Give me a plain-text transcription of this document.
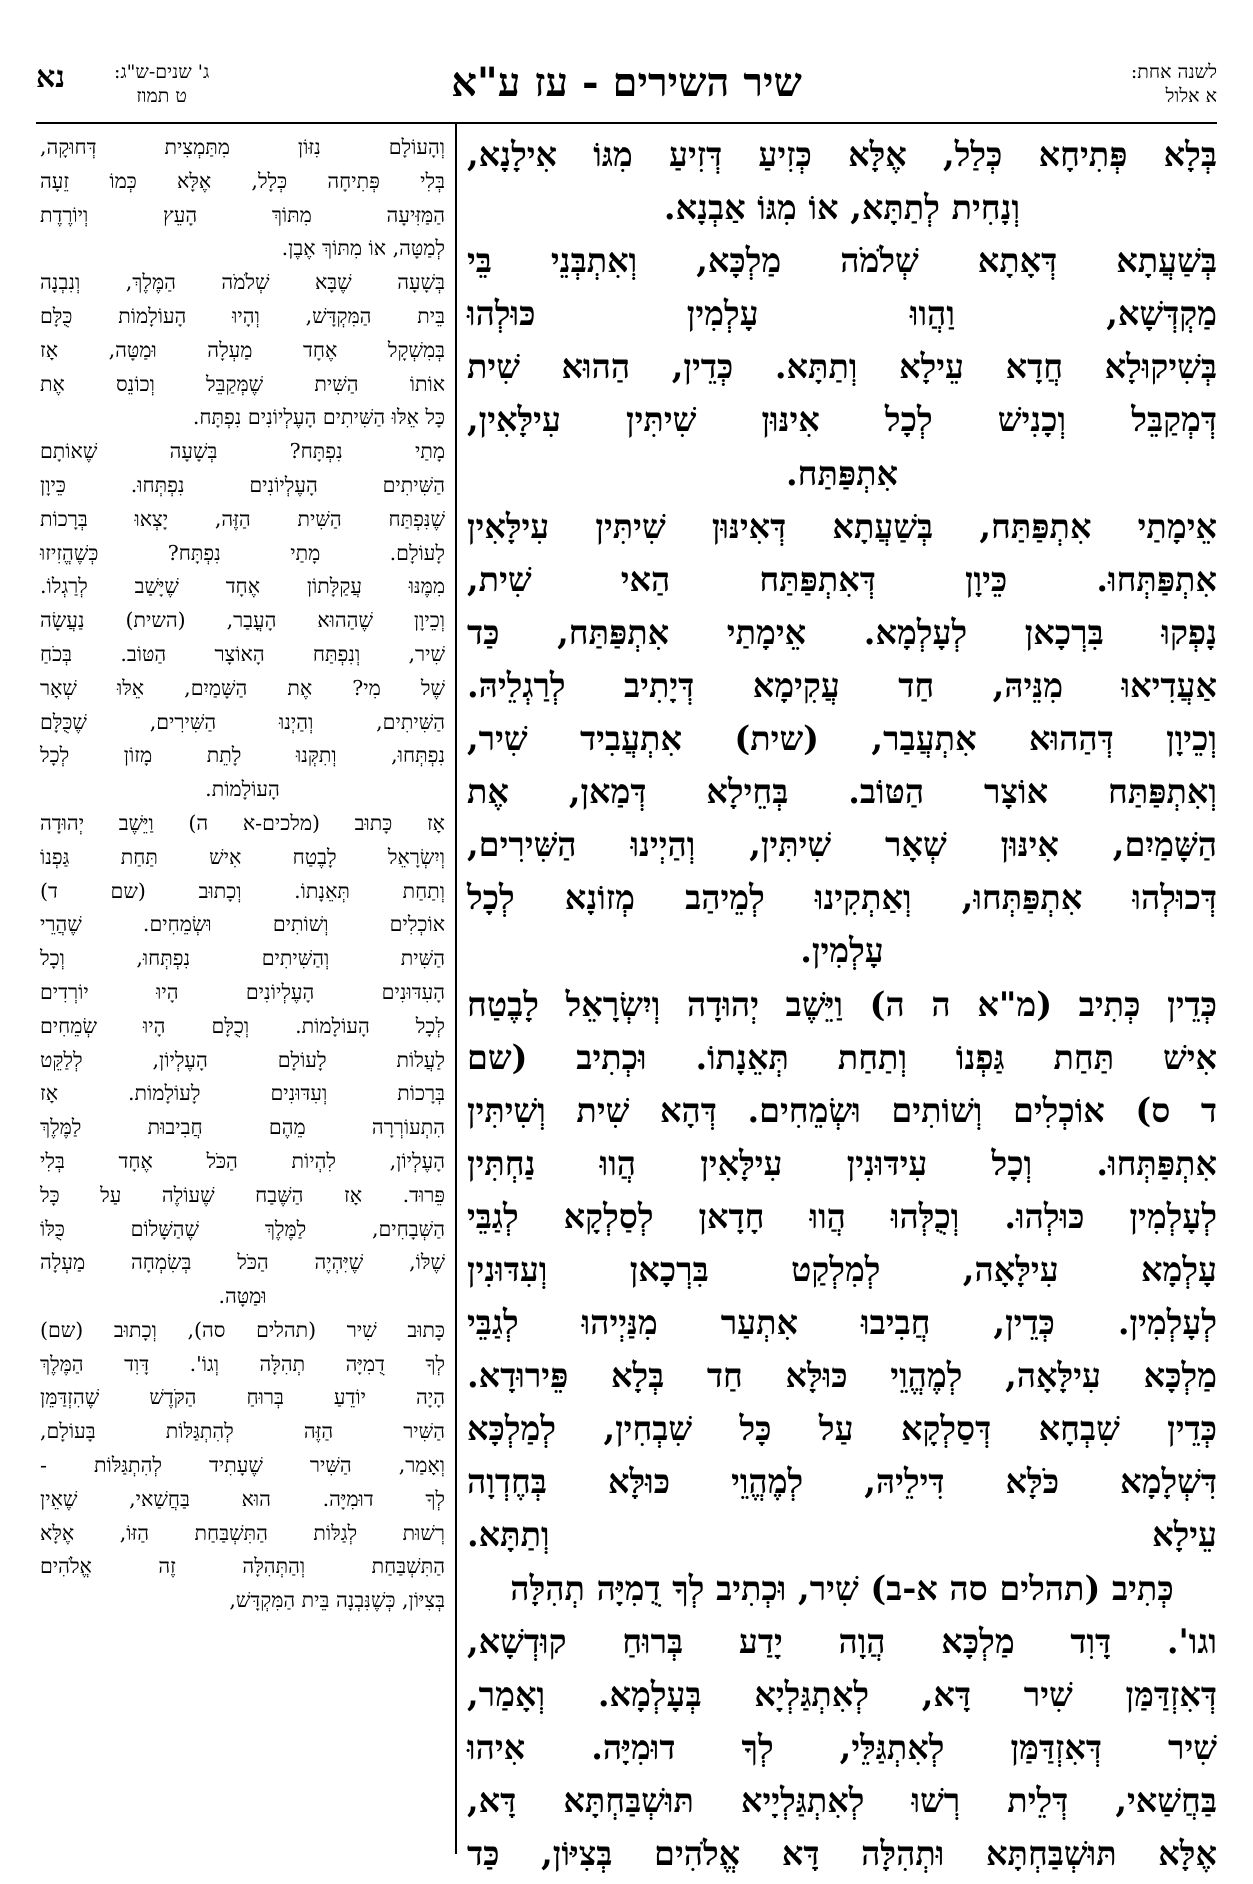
לשנה אחת:
א אלול
שיר השירים - עז ע"א
ג' שנים-ש"ג:
ט תמוז
נא
בְּלָא פְּתִיחָא כְּלַל, אֶלָּא כְּזִיעַ דְּזִיעַ מִגּוֹ אִילָנָא,
וְנָחִית לְתַתָּא, אוֹ מִגּוֹ אַבְנָא.
בְּשַׁעֲתָא דְּאָתָא שְׁלֹמֹה מַלְכָּא, וְאִתְבְּנֵי בֵּי
מַקְדְּשָׁא, וַהֲווּ עָלְמִין כּוּלְהוּ
בְּשִׁיקוּלָא חֲדָא עֵילָא וְתַתָּא. כְּדֵין, הַהוּא שִׁית
דְּמְקַבֵּל וְכָנִישׁ לְכָל אִינּוּן שִׁיתִּין עִילָּאִין,
אִתְפַּתַּח.
אֵימָתַי אִתְפַּתַּח, בְּשַׁעֲתָא דְּאִינּוּן שִׁיתִּין עִילָּאִין
אִתְפַּתְּחוּ. כֵּיוָן דְּאִתְפַּתַּח הַאי שִׁית,
נָפְקוּ בִּרְכָאן לְעָלְמָא. אֵימָתַי אִתְפַּתַּח, כַּד
אַעֲדִיאוּ מִנֵּיהּ, חַד עֲקִימָא דְּיָתִיב לְרַגְלֵיהּ.
וְכֵיוָן דְּהַהוּא אִתְעֲבַר, (שית) אִתְעֲבִיד שִׁיר,
וְאִתְפַּתַּח אוֹצָר הַטּוֹב. בְּחֵילָא דְּמַאן, אֶת
הַשָּׁמַיִם, אִינּוּן שְׁאָר שִׁיתִּין, וְהַיְינוּ הַשִּׁירִים,
דְּכוּלְהוּ אִתְפַּתְּחוּ, וְאַתְקִינוּ לְמֵיהַב מְזוֹנָא לְכָל
עָלְמִין.
כְּדֵין כְּתִיב (מ"א ה ה) וַיֵּשֶׁב יְהוּדָה וְיִשְׂרָאֵל לָבֶטַח
אִישׁ תַּחַת גַּפְנוֹ וְתַחַת תְּאֵנָתוֹ. וּכְתִיב (שם
ד ס) אוֹכְלִים וְשׁוֹתִים וּשְׂמֵחִים. דְּהָא שִׁית וְשִׁיתִּין
אִתְפַּתְּחוּ. וְכָל עִידּוּנִין עִילָּאִין הֲווּ נַחְתִּין
לְעָלְמִין כּוּלְהוּ. וְכֻלְּהוּ הֲווּ חָדָאן לְסַלְקָא לְגַבֵּי
עָלְמָא עִילָּאָה, לְמִלְקַט בִּרְכָאן וְעִדּוּנִין
לְעָלְמִין. כְּדֵין, חֲבִיבוּ אִתְעַר מִנַּיְיהוּ לְגַבֵּי
מַלְכָּא עִילָּאָה, לְמֶהֱוֵי כּוּלָּא חַד בְּלָא פֵּירוּדָא.
כְּדֵין שִׁבְחָא דְּסַלְקָא עַל כָּל שִׁבְחִין, לְמַלְכָּא
דִּשְׁלָמָא כֹּלָּא דִּילֵיהּ, לְמֶהֱוֵי כּוּלָּא בְּחֶדְוָה
עֵילָא וְתַתָּא.
כְּתִיב (תהלים סה א-ב) שִׁיר, וּכְתִיב לְךָ דֻמִיָּה תְהִלָּה
וגו'. דָּוִד מַלְכָּא הֲוָה יָדַע בְּרוּחַ קוּדְשָׁא,
דְּאִזְדַּמַּן שִׁיר דָּא, לְאִתְגַּלְיָא בְּעָלְמָא. וְאָמַר,
שִׁיר דְּאִזְדַּמַּן לְאִתְגַּלֵּי, לְךָ דוּמִיָּה. אִיהוּ
בַּחֲשַׁאי, דְּלֵית רְשׁוּ לְאִתְגַּלְיָיא תּוּשְׁבַּחְתָּא דָּא,
אֶלָּא תּוּשְׁבַּחְתָּא וּתְהִלָּה דָּא אֱלֹהִים בְּצִיּוֹן, כַּד
וְהָעוֹלָם נִזּוֹן מִתַּמְצִית דְּחוּקָה,
בְּלִי פְּתִיחָה כְּלָל, אֶלָּא כְּמוֹ זֵעָה
הַמַּזִּיעָה מִתּוֹךְ הָעֵץ וְיוֹרֶדֶת
לְמַטָּה, אוֹ מִתּוֹךְ אֶבֶן.
בְּשָׁעָה שֶׁבָּא שְׁלֹמֹה הַמֶּלֶךְ, וְנִבְנָה
בֵּית הַמִּקְדָּשׁ, וְהָיוּ הָעוֹלָמוֹת כֻּלָּם
בְּמִשְׁקָל אֶחָד מַעְלָה וּמַטָּה, אָז
אוֹתוֹ הַשִּׁית שֶׁמְּקַבֵּל וְכוֹנֵס אֶת
כָּל אֵלּוּ הַשִּׁיתִים הָעֶלְיוֹנִים נִפְתָּח.
מָתַי נִפְתָּח? בְּשָׁעָה שֶׁאוֹתָם
הַשִּׁיתִים הָעֶלְיוֹנִים נִפְתְּחוּ. כֵּיוָן
שֶׁנִּפְתַּח הַשִּׁית הַזֶּה, יָצְאוּ בְּרָכוֹת
לָעוֹלָם. מָתַי נִפְתָּח? כְּשֶׁהֱזִיזוּ
מִמֶּנּוּ עֲקַלָּתוֹן אֶחָד שֶׁיָּשַׁב לְרַגְלוֹ.
וְכֵיוָן שֶׁהַהוּא הָעֳבַר, (השית) נַעֲשָׂה
שִׁיר, וְנִפְתַּח הָאוֹצָר הַטּוֹב. בְּכֹחַ
שֶׁל מִי? אֶת הַשָּׁמַיִם, אֵלּוּ שְׁאָר
הַשִּׁיתִים, וְהַיְנוּ הַשִּׁירִים, שֶׁכֻּלָּם
נִפְתְּחוּ, וְתִקְּנוּ לָתֵת מָזוֹן לְכָל
הָעוֹלָמוֹת.
אָז כָּתוּב (מלכים-א ה) וַיֵּשֶׁב יְהוּדָה
וְיִשְׂרָאֵל לָבֶטַח אִישׁ תַּחַת גַּפְנוֹ
וְתַחַת תְּאֵנָתוֹ. וְכָתוּב (שם ד)
אוֹכְלִים וְשׁוֹתִים וּשְׂמֵחִים. שֶׁהֲרֵי
הַשִּׁית וְהַשִּׁיתִים נִפְתְּחוּ, וְכָל
הָעִדּוּנִים הָעֶלְיוֹנִים הָיוּ יוֹרְדִים
לְכָל הָעוֹלָמוֹת. וְכֻלָּם הָיוּ שְׂמֵחִים
לַעֲלוֹת לָעוֹלָם הָעֶלְיוֹן, לְלַקֵּט
בְּרָכוֹת וְעִדּוּנִים לָעוֹלָמוֹת. אָז
הִתְעוֹרְרָה מֵהֶם חֲבִיבוּת לַמֶּלֶךְ
הָעֶלְיוֹן, לִהְיוֹת הַכֹּל אֶחָד בְּלִי
פֵּרוּד. אָז הַשֶּׁבַח שֶׁעוֹלֶה עַל כָּל
הַשְּׁבָחִים, לַמֶּלֶךְ שֶׁהַשָּׁלוֹם כֻּלּוֹ
שֶׁלּוֹ, שֶׁיִּהְיֶה הַכֹּל בְּשִׂמְחָה מַעְלָה
וּמַטָּה.
כָּתוּב שִׁיר (תהלים סה), וְכָתוּב (שם)
לְךָ דֻמִיָּה תְהִלָּה וְגוֹ'. דָּוִד הַמֶּלֶךְ
הָיָה יוֹדֵעַ בְּרוּחַ הַקֹּדֶשׁ שֶׁהִזְדַּמֵּן
הַשִּׁיר הַזֶּה לְהִתְגַּלּוֹת בָּעוֹלָם,
וְאָמַר, הַשִּׁיר שֶׁעָתִיד לְהִתְגַּלּוֹת -
לְךָ דוּמִיָּה. הוּא בַּחֲשַׁאי, שֶׁאֵין
רְשׁוּת לְגַלּוֹת הַתִּשְׁבַּחַת הַזּוֹ, אֶלָּא
הַתִּשְׁבַּחַת וְהַתְּהִלָּה זֶה אֱלֹהִים
בְּצִיּוֹן, כְּשֶׁנִּבְנָה בֵּית הַמִּקְדָּשׁ,
